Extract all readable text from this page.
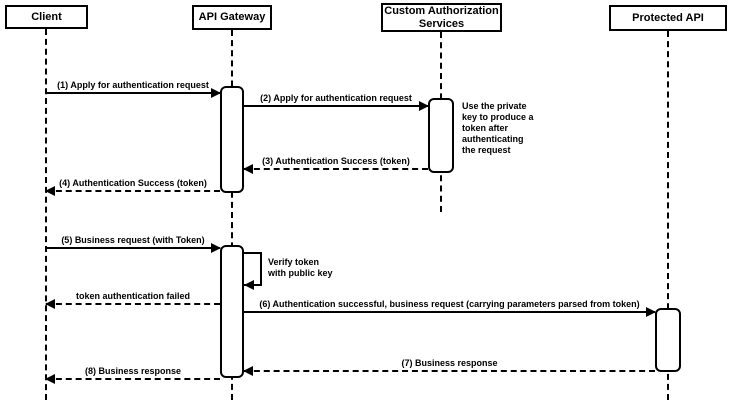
Client	API Gateway
Custom Authorization
Services	Protected API
(1) Apply for authentication request
(2) Apply for authentication request
(3) Authentication Success (token)
(4) Authentication Success (token)
(5) Business request (with Token)
Verify token
with public key
Use the private
key to produce a
token after
authenticating
the request
token authentication failed
(6) Authentication successful, business request (carrying parameters parsed from token)
(7) Business response
(8) Business response
